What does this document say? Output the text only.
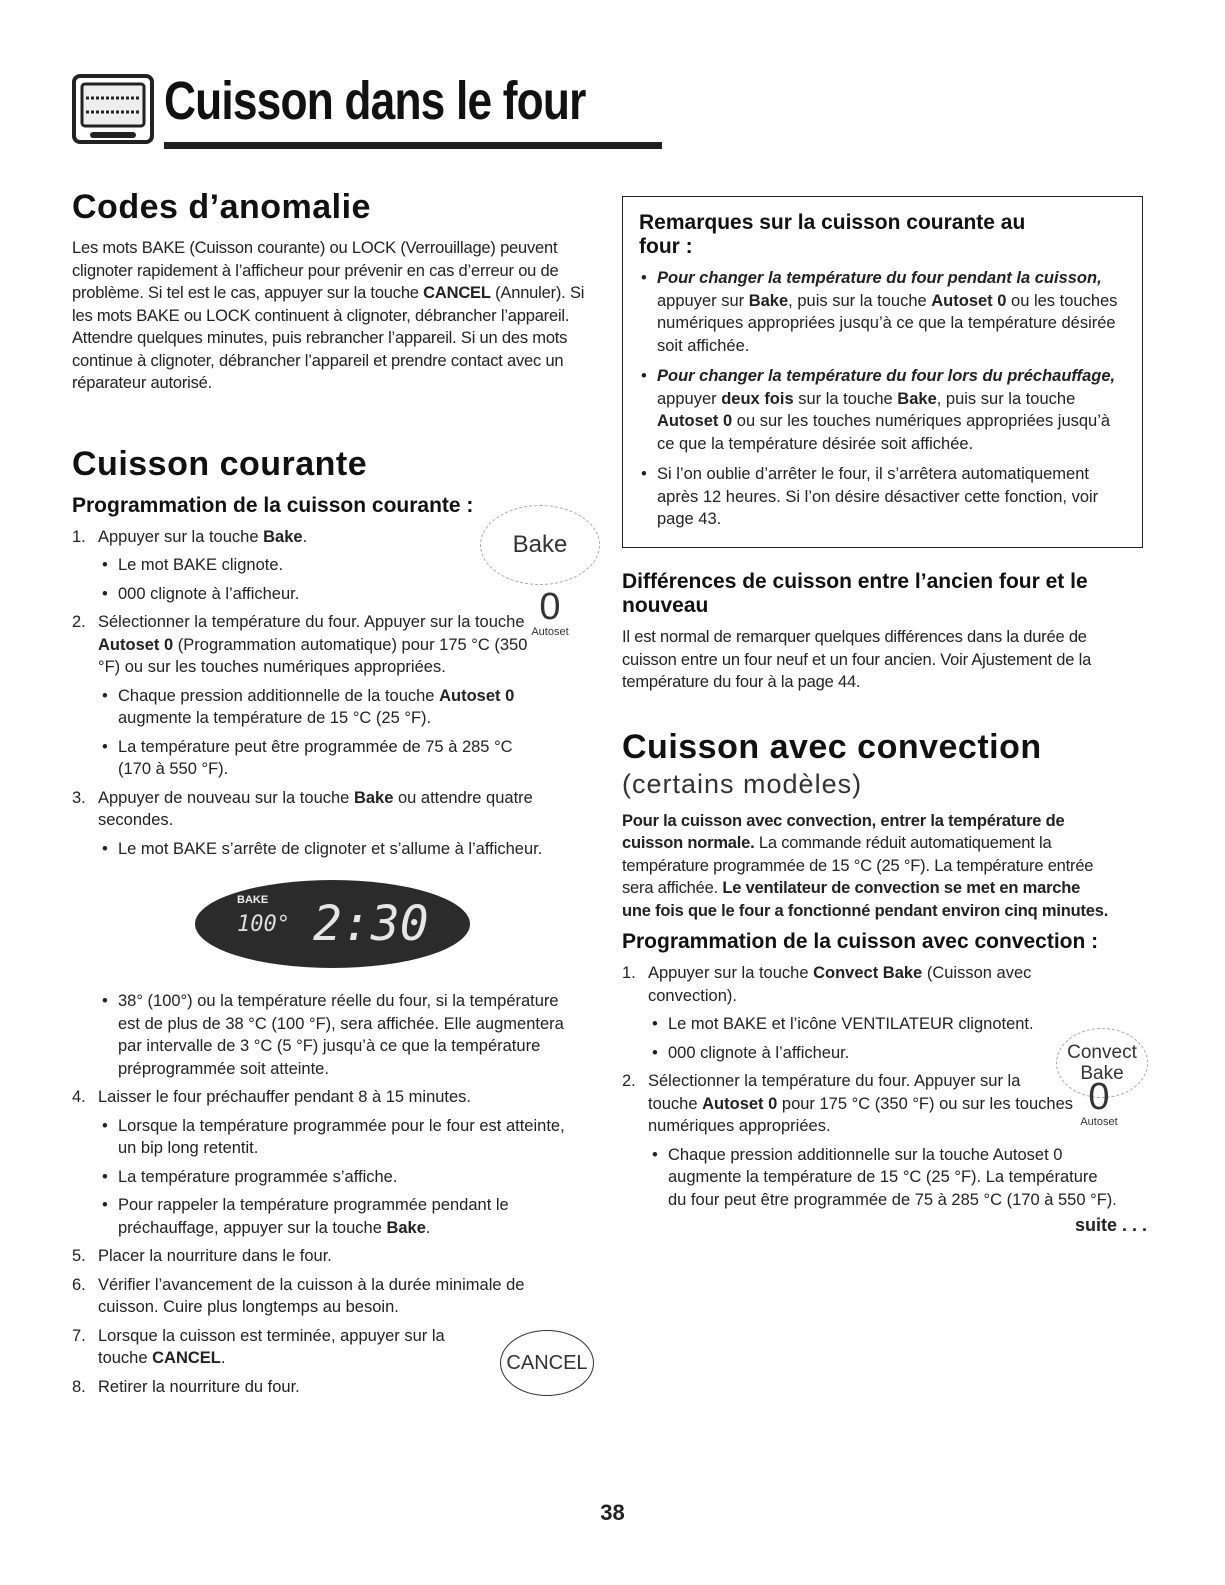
Cuisson dans le four
Codes d’anomalie

Les mots BAKE (Cuisson courante) ou LOCK (Verrouillage) peuvent clignoter rapidement à l’afficheur pour prévenir en cas d’erreur ou de problème. Si tel est le cas, appuyer sur la touche CANCEL (Annuler). Si les mots BAKE ou LOCK continuent à clignoter, débrancher l’appareil. Attendre quelques minutes, puis rebrancher l’appareil. Si un des mots continue à clignoter, débrancher l’appareil et prendre contact avec un réparateur autorisé.

Cuisson courante
Programmation de la cuisson courante :
1. Appuyer sur la touche Bake.
• Le mot BAKE clignote.
• 000 clignote à l’afficheur.
2. Sélectionner la température du four. Appuyer sur la touche Autoset 0 (Programmation automatique) pour 175 °C (350 °F) ou sur les touches numériques appropriées.
• Chaque pression additionnelle de la touche Autoset 0 augmente la température de 15 °C (25 °F).
• La température peut être programmée de 75 à 285 °C (170 à 550 °F).
3. Appuyer de nouveau sur la touche Bake ou attendre quatre secondes.
• Le mot BAKE s’arrête de clignoter et s’allume à l’afficheur.
• 38° (100°) ou la température réelle du four, si la température est de plus de 38 °C (100 °F), sera affichée. Elle augmentera par intervalle de 3 °C (5 °F) jusqu’à ce que la température préprogrammée soit atteinte.
4. Laisser le four préchauffer pendant 8 à 15 minutes.
• Lorsque la température programmée pour le four est atteinte, un bip long retentit.
• La température programmée s’affiche.
• Pour rappeler la température programmée pendant le préchauffage, appuyer sur la touche Bake.
5. Placer la nourriture dans le four.
6. Vérifier l’avancement de la cuisson à la durée minimale de cuisson. Cuire plus longtemps au besoin.
7. Lorsque la cuisson est terminée, appuyer sur la touche CANCEL.
8. Retirer la nourriture du four.
Bake
0
Autoset
BAKE
100° 2:30
CANCEL
Remarques sur la cuisson courante au four :
• Pour changer la température du four pendant la cuisson, appuyer sur Bake, puis sur la touche Autoset 0 ou les touches numériques appropriées jusqu’à ce que la température désirée soit affichée.
• Pour changer la température du four lors du préchauffage, appuyer deux fois sur la touche Bake, puis sur la touche Autoset 0 ou sur les touches numériques appropriées jusqu’à ce que la température désirée soit affichée.
• Si l’on oublie d’arrêter le four, il s’arrêtera automatiquement après 12 heures. Si l’on désire désactiver cette fonction, voir page 43.
Différences de cuisson entre l’ancien four et le nouveau

Il est normal de remarquer quelques différences dans la durée de cuisson entre un four neuf et un four ancien. Voir Ajustement de la température du four à la page 44.

Cuisson avec convection
(certains modèles)

Pour la cuisson avec convection, entrer la température de cuisson normale. La commande réduit automatiquement la température programmée de 15 °C (25 °F). La température entrée sera affichée. Le ventilateur de convection se met en marche une fois que le four a fonctionné pendant environ cinq minutes.

Programmation de la cuisson avec convection :
1. Appuyer sur la touche Convect Bake (Cuisson avec convection).
• Le mot BAKE et l’icône VENTILATEUR clignotent.
• 000 clignote à l’afficheur.
2. Sélectionner la température du four. Appuyer sur la touche Autoset 0 pour 175 °C (350 °F) ou sur les touches numériques appropriées.
• Chaque pression additionnelle sur la touche Autoset 0 augmente la température de 15 °C (25 °F). La température du four peut être programmée de 75 à 285 °C (170 à 550 °F).
suite . . .
Convect
Bake
0
Autoset
38
